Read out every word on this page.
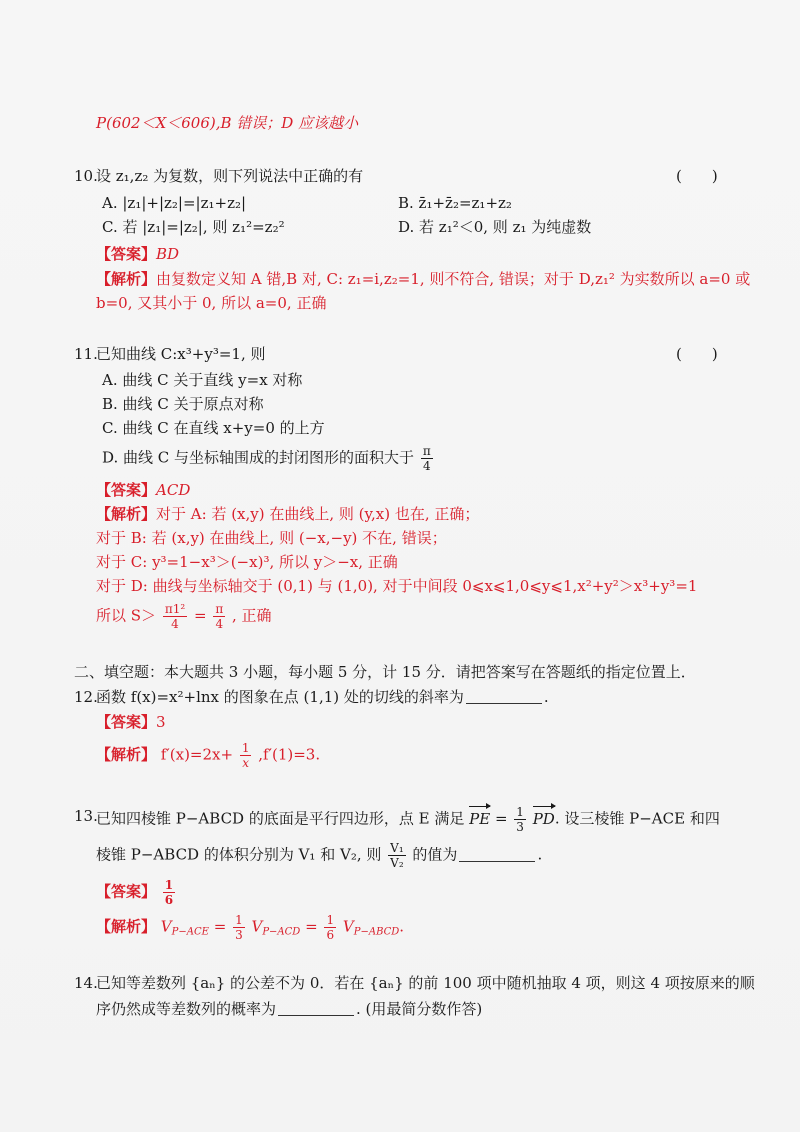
P(602＜X＜606),B 错误；D 应该越小
10.
设 z₁,z₂ 为复数，则下列说法中正确的有	(　　)
A. |z₁|+|z₂|=|z₁+z₂|	B. z̄₁+z̄₂=z₁+z₂
C. 若 |z₁|=|z₂|, 则 z₁²=z₂²	D. 若 z₁²＜0, 则 z₁ 为纯虚数
【答案】BD
【解析】由复数定义知 A 错,B 对, C: z₁=i,z₂=1, 则不符合, 错误；对于 D,z₁² 为实数所以 a=0 或
b=0, 又其小于 0, 所以 a=0, 正确
11.
已知曲线 C:x³+y³=1, 则	(　　)
A. 曲线 C 关于直线 y=x 对称
B. 曲线 C 关于原点对称
C. 曲线 C 在直线 x+y=0 的上方
D. 曲线 C 与坐标轴围成的封闭图形的面积大于 $\frac{\pi}{4}$
【答案】ACD
【解析】对于 A: 若 (x,y) 在曲线上, 则 (y,x) 也在, 正确；
对于 B: 若 (x,y) 在曲线上, 则 (−x,−y) 不在, 错误；
对于 C: y³=1−x³＞(−x)³, 所以 y＞−x, 正确
对于 D: 曲线与坐标轴交于 (0,1) 与 (1,0), 对于中间段 0⩽x⩽1,0⩽y⩽1,x²+y²＞x³+y³=1
所以 $S> \frac{\text{π1²}}{4} = \frac{\pi}{4}$ , 正确
二、填空题：本大题共 3 小题，每小题 5 分，计 15 分．请把答案写在答题纸的指定位置上．
12.
函数 f(x)=x²+lnx 的图象在点 (1,1) 处的切线的斜率为	.
【答案】3
【解析】 $f'(x)=2x+ \frac{1}{x} ,f'(1)=3$.
13.
已知四棱锥 P−ABCD 的底面是平行四边形，点 E 满足 PE = $\frac{1}{3}$ PD. 设三棱锥 P−ACE 和四
棱锥 P−ABCD 的体积分别为 V₁ 和 V₂, 则 $\frac{\text{V₁}}{\text{V₂}}$ 的值为	.
【答案】 $\frac{1}{6}$
【解析】 $V_{P-ACE} = \frac{1}{3} V_{P-ACD} = \frac{1}{6} V_{P-ABCD}$.
14.
已知等差数列 {aₙ} 的公差不为 0．若在 {aₙ} 的前 100 项中随机抽取 4 项，则这 4 项按原来的顺
序仍然成等差数列的概率为	. (用最简分数作答)
